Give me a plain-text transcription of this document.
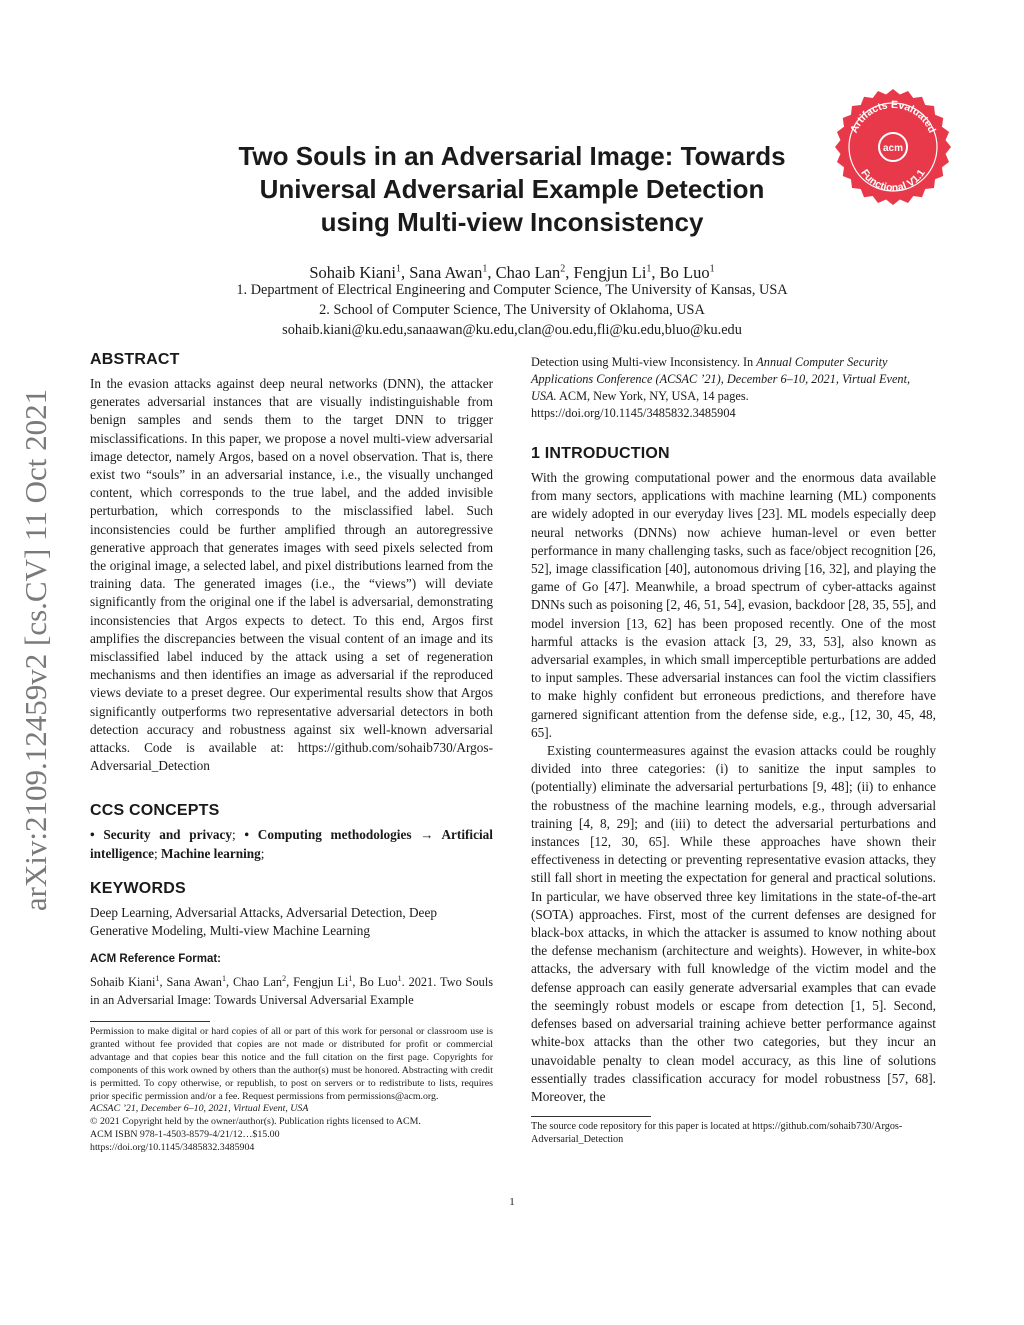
arXiv:2109.12459v2 [cs.CV] 11 Oct 2021
acm
Artifacts Evaluated
Functional V1.1
Two Souls in an Adversarial Image: Towards
Universal Adversarial Example Detection
using Multi-view Inconsistency

Sohaib Kiani$^1$, Sana Awan$^1$, Chao Lan$^2$, Fengjun Li$^1$, Bo Luo$^1$

1. Department of Electrical Engineering and Computer Science, The University of Kansas, USA

2. School of Computer Science, The University of Oklahoma, USA

sohaib.kiani@ku.edu,sanaawan@ku.edu,clan@ou.edu,fli@ku.edu,bluo@ku.edu

ABSTRACT

In the evasion attacks against deep neural networks (DNN), the attacker generates adversarial instances that are visually indistinguishable from benign samples and sends them to the target DNN to trigger misclassifications. In this paper, we propose a novel multi-view adversarial image detector, namely Argos, based on a novel observation. That is, there exist two “souls” in an adversarial instance, i.e., the visually unchanged content, which corresponds to the true label, and the added invisible perturbation, which corresponds to the misclassified label. Such inconsistencies could be further amplified through an autoregressive generative approach that generates images with seed pixels selected from the original image, a selected label, and pixel distributions learned from the training data. The generated images (i.e., the “views”) will deviate significantly from the original one if the label is adversarial, demonstrating inconsistencies that Argos expects to detect. To this end, Argos first amplifies the discrepancies between the visual content of an image and its misclassified label induced by the attack using a set of regeneration mechanisms and then identifies an image as adversarial if the reproduced views deviate to a preset degree. Our experimental results show that Argos significantly outperforms two representative adversarial detectors in both detection accuracy and robustness against six well-known adversarial attacks. Code is available at: https://github.com/sohaib730/Argos-Adversarial_Detection

CCS CONCEPTS

• Security and privacy; • Computing methodologies → Artificial intelligence; Machine learning;

KEYWORDS

Deep Learning, Adversarial Attacks, Adversarial Detection, Deep Generative Modeling, Multi-view Machine Learning

ACM Reference Format:

Sohaib Kiani$^1$, Sana Awan$^1$, Chao Lan$^2$, Fengjun Li$^1$, Bo Luo$^1$. 2021. Two Souls in an Adversarial Image: Towards Universal Adversarial Example

Permission to make digital or hard copies of all or part of this work for personal or classroom use is granted without fee provided that copies are not made or distributed for profit or commercial advantage and that copies bear this notice and the full citation on the first page. Copyrights for components of this work owned by others than the author(s) must be honored. Abstracting with credit is permitted. To copy otherwise, or republish, to post on servers or to redistribute to lists, requires prior specific permission and/or a fee. Request permissions from permissions@acm.org.

ACSAC ’21, December 6–10, 2021, Virtual Event, USA

© 2021 Copyright held by the owner/author(s). Publication rights licensed to ACM.

ACM ISBN 978-1-4503-8579-4/21/12…$15.00

https://doi.org/10.1145/3485832.3485904

Detection using Multi-view Inconsistency. In Annual Computer Security Applications Conference (ACSAC ’21), December 6–10, 2021, Virtual Event, USA. ACM, New York, NY, USA, 14 pages. https://doi.org/10.1145/3485832.3485904

1 INTRODUCTION

With the growing computational power and the enormous data available from many sectors, applications with machine learning (ML) components are widely adopted in our everyday lives [23]. ML models especially deep neural networks (DNNs) now achieve human-level or even better performance in many challenging tasks, such as face/object recognition [26, 52], image classification [40], autonomous driving [16, 32], and playing the game of Go [47]. Meanwhile, a broad spectrum of cyber-attacks against DNNs such as poisoning [2, 46, 51, 54], evasion, backdoor [28, 35, 55], and model inversion [13, 62] has been proposed recently. One of the most harmful attacks is the evasion attack [3, 29, 33, 53], also known as adversarial examples, in which small imperceptible perturbations are added to input samples. These adversarial instances can fool the victim classifiers to make highly confident but erroneous predictions, and therefore have garnered significant attention from the defense side, e.g., [12, 30, 45, 48, 65].

Existing countermeasures against the evasion attacks could be roughly divided into three categories: (i) to sanitize the input samples to (potentially) eliminate the adversarial perturbations [9, 48]; (ii) to enhance the robustness of the machine learning models, e.g., through adversarial training [4, 8, 29]; and (iii) to detect the adversarial perturbations and instances [12, 30, 65]. While these approaches have shown their effectiveness in detecting or preventing representative evasion attacks, they still fall short in meeting the expectation for general and practical solutions. In particular, we have observed three key limitations in the state-of-the-art (SOTA) approaches. First, most of the current defenses are designed for black-box attacks, in which the attacker is assumed to know nothing about the defense mechanism (architecture and weights). However, in white-box attacks, the adversary with full knowledge of the victim model and the defense approach can easily generate adversarial examples that can evade the seemingly robust models or escape from detection [1, 5]. Second, defenses based on adversarial training achieve better performance against white-box attacks than the other two categories, but they incur an unavoidable penalty to clean model accuracy, as this line of solutions essentially trades classification accuracy for model robustness [57, 68]. Moreover, the

The source code repository for this paper is located at https://github.com/sohaib730/Argos-Adversarial_Detection

1
